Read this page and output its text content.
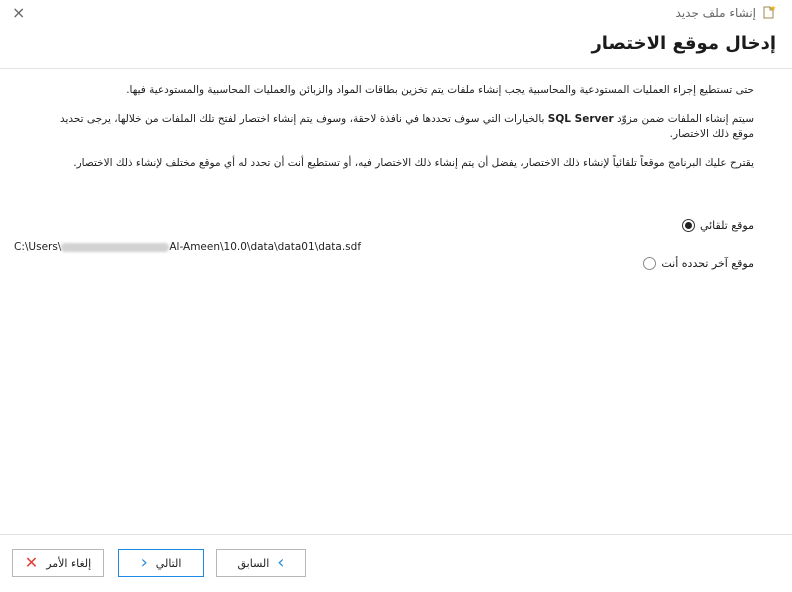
×	إنشاء ملف جديد
إدخال موقع الاختصار

حتى تستطيع إجراء العمليات المستودعية والمحاسبية يجب إنشاء ملفات يتم تخزين بطاقات المواد والزبائن والعمليات المحاسبية والمستودعية فيها.

سيتم إنشاء الملفات ضمن مزوّد SQL Server بالخيارات التي سوف تحددها في نافذة لاحقة، وسوف يتم إنشاء اختصار لفتح تلك الملفات من خلالها، يرجى تحديد موقع ذلك الاختصار.

يقترح عليك البرنامج موقعاً تلقائياً لإنشاء ذلك الاختصار، يفضل أن يتم إنشاء ذلك الاختصار فيه، أو تستطيع أنت أن تحدد له أي موقع مختلف لإنشاء ذلك الاختصار.

موقع تلقائي
C:\Users\	Al-Ameen\10.0\data\data01\data.sdf
موقع آخر تحدده أنت
‹
السابق
التالي
›
إلغاء الأمر
✕
